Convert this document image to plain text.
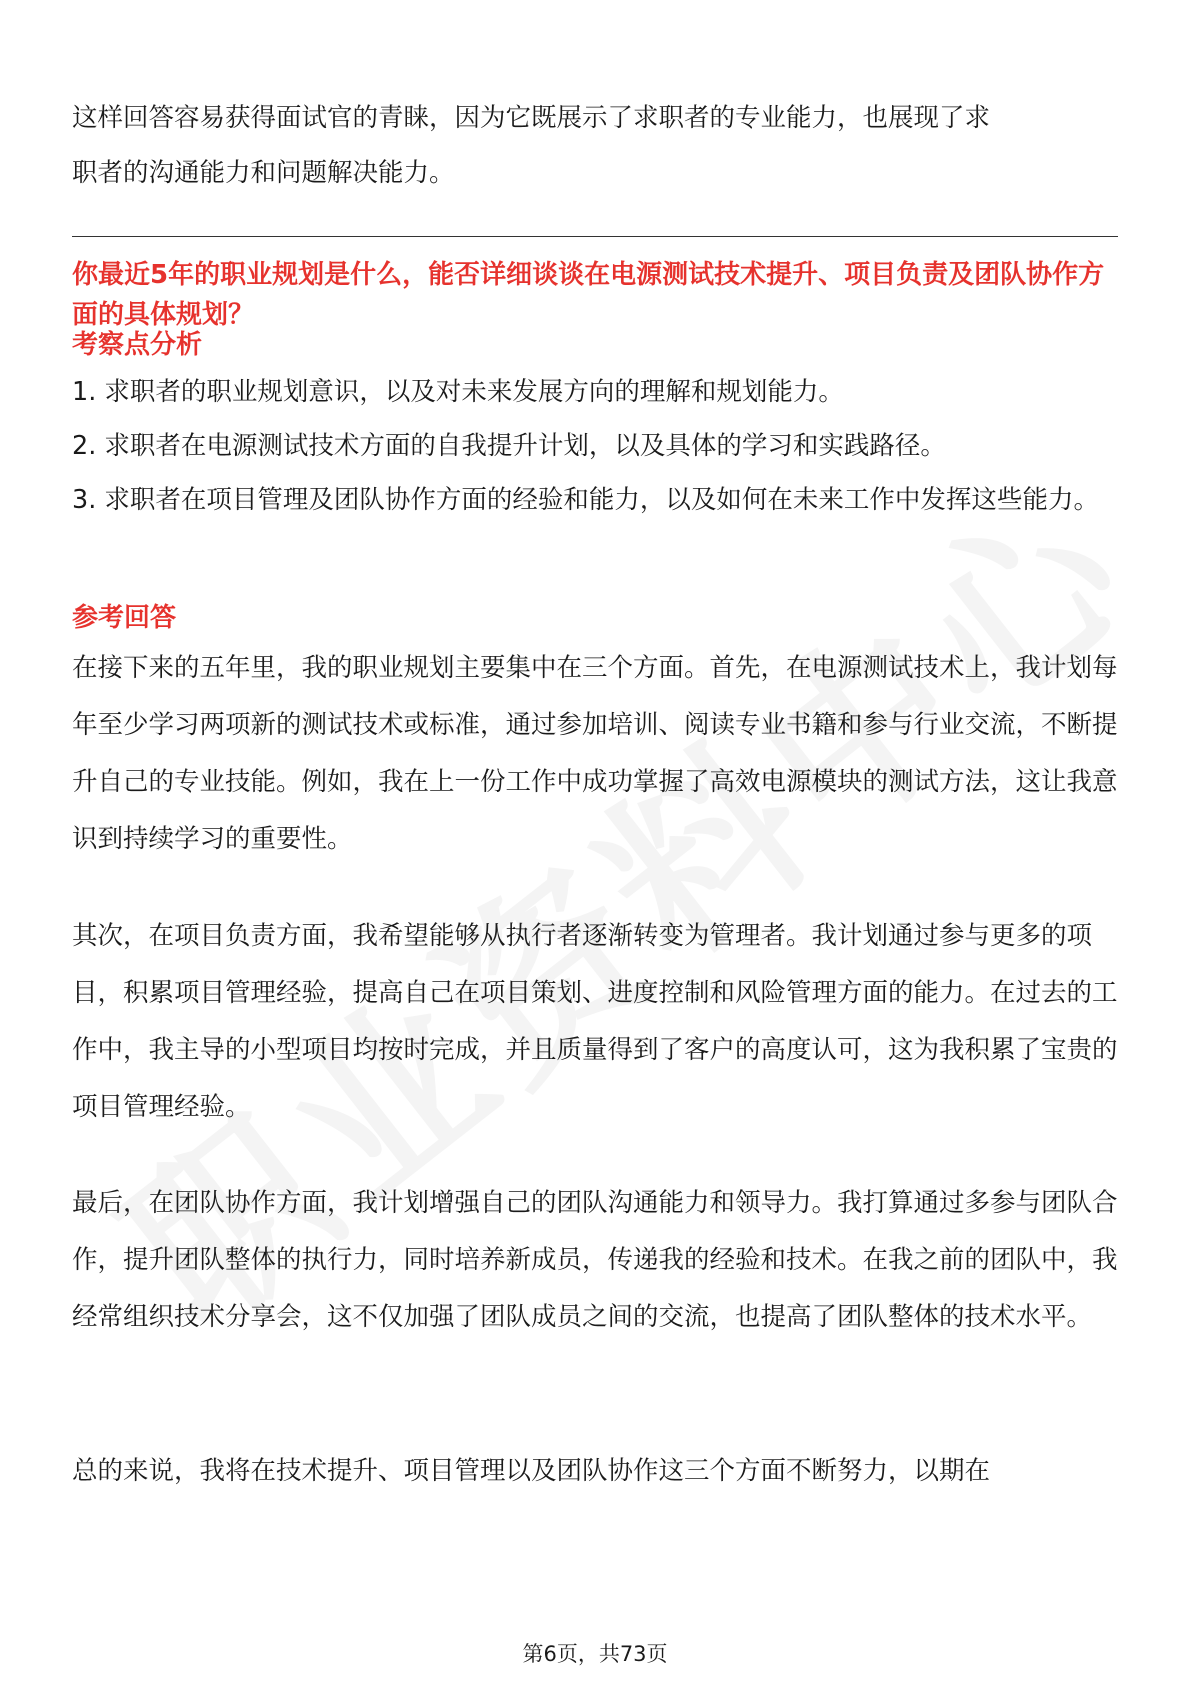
这样回答容易获得面试官的青睐，因为它既展示了求职者的专业能力，也展现了求

职者的沟通能力和问题解决能力。

你最近5年的职业规划是什么，能否详细谈谈在电源测试技术提升、项目负责及团队协作方面的具体规划？

考察点分析

1. 求职者的职业规划意识，以及对未来发展方向的理解和规划能力。

2. 求职者在电源测试技术方面的自我提升计划，以及具体的学习和实践路径。

3. 求职者在项目管理及团队协作方面的经验和能力，以及如何在未来工作中发挥这些能力。

参考回答

在接下来的五年里，我的职业规划主要集中在三个方面。首先，在电源测试技术上，我计划每年至少学习两项新的测试技术或标准，通过参加培训、阅读专业书籍和参与行业交流，不断提升自己的专业技能。例如，我在上一份工作中成功掌握了高效电源模块的测试方法，这让我意识到持续学习的重要性。

其次，在项目负责方面，我希望能够从执行者逐渐转变为管理者。我计划通过参与更多的项目，积累项目管理经验，提高自己在项目策划、进度控制和风险管理方面的能力。在过去的工作中，我主导的小型项目均按时完成，并且质量得到了客户的高度认可，这为我积累了宝贵的项目管理经验。

最后，在团队协作方面，我计划增强自己的团队沟通能力和领导力。我打算通过多参与团队合作，提升团队整体的执行力，同时培养新成员，传递我的经验和技术。在我之前的团队中，我经常组织技术分享会，这不仅加强了团队成员之间的交流，也提高了团队整体的技术水平。

总的来说，我将在技术提升、项目管理以及团队协作这三个方面不断努力，以期在

第6页，共73页
